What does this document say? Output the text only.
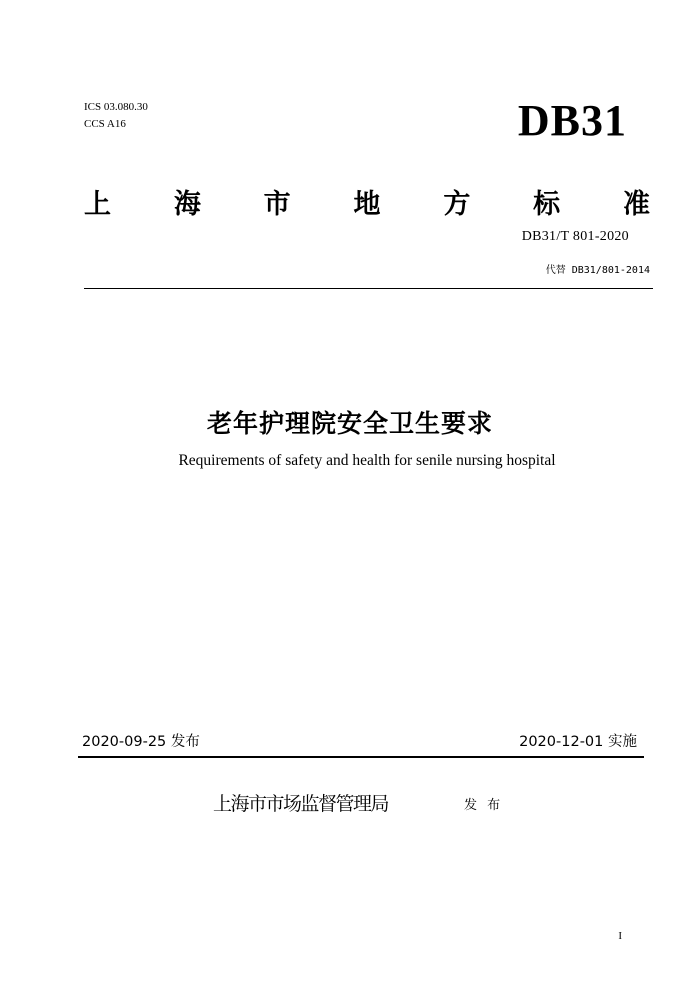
ICS 03.080.30
CCS A16	DB31
上 海 市 地 方 标 准
DB31/T 801-2020
代替 DB31/801-2014
老年护理院安全卫生要求
Requirements of safety and health for senile nursing hospital
2020-09-25 发布	2020-12-01 实施
上海市市场监督管理局	发 布
I
